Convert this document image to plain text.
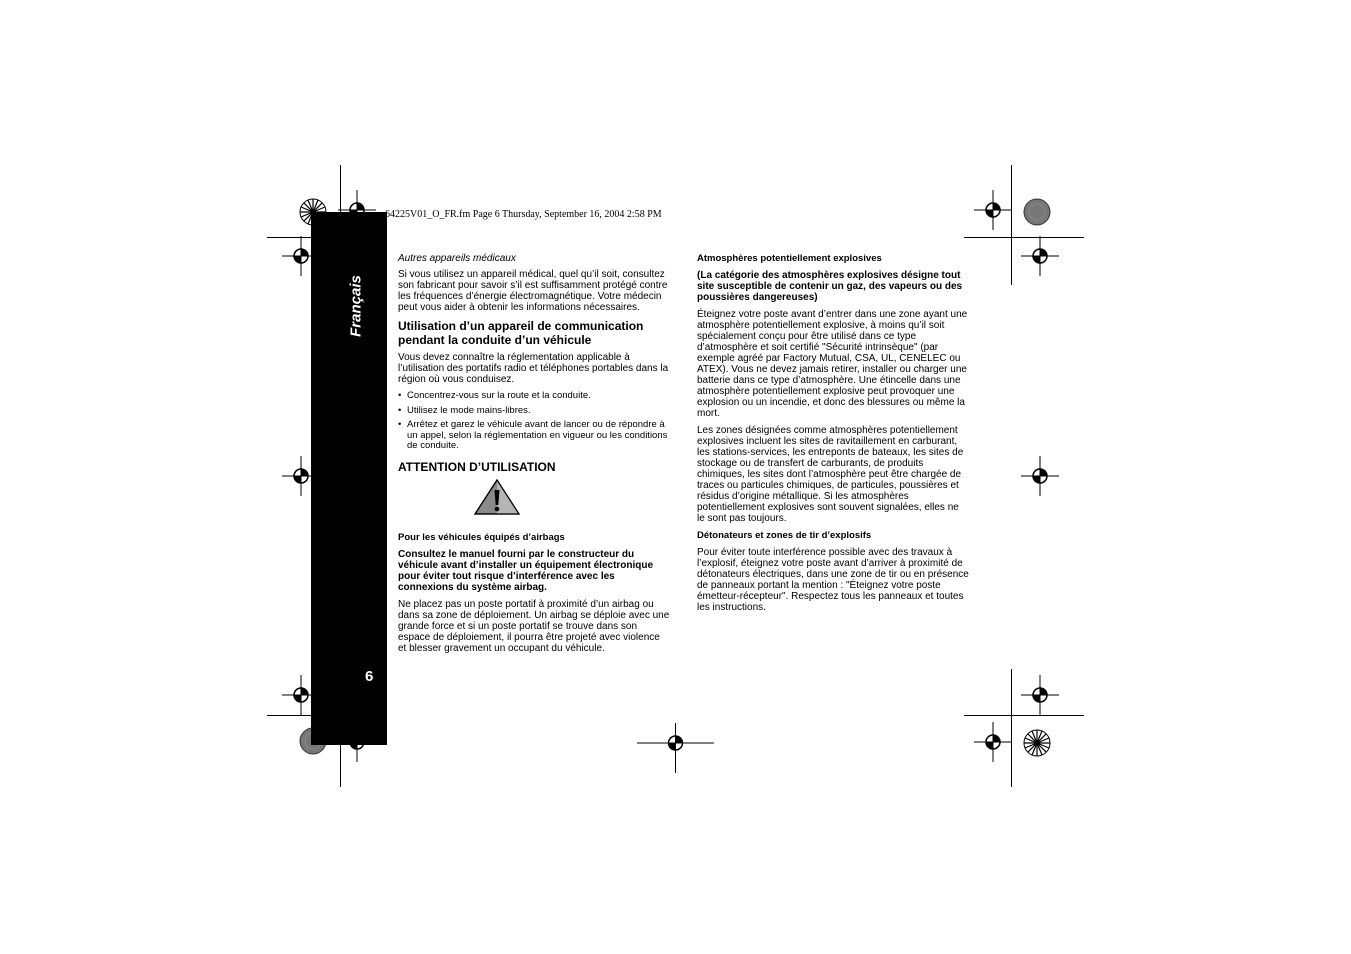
Français
6
64225V01_O_FR.fm Page 6 Thursday, September 16, 2004 2:58 PM

Autres appareils médicaux

Si vous utilisez un appareil médical, quel qu’il soit, consultez son fabricant pour savoir s’il est suffisamment protégé contre les fréquences d’énergie électromagnétique. Votre médecin peut vous aider à obtenir les informations nécessaires.

Utilisation d’un appareil de communication pendant la conduite d’un véhicule

Vous devez connaître la réglementation applicable à l’utilisation des portatifs radio et téléphones portables dans la région où vous conduisez.

• Concentrez-vous sur la route et la conduite.
• Utilisez le mode mains-libres.
• Arrêtez et garez le véhicule avant de lancer ou de répondre à un appel, selon la réglementation en vigueur ou les conditions de conduite.

ATTENTION D’UTILISATION

Pour les véhicules équipés d’airbags

Consultez le manuel fourni par le constructeur du véhicule avant d’installer un équipement électronique pour éviter tout risque d’interférence avec les connexions du système airbag.

Ne placez pas un poste portatif à proximité d’un airbag ou dans sa zone de déploiement. Un airbag se déploie avec une grande force et si un poste portatif se trouve dans son espace de déploiement, il pourra être projeté avec violence et blesser gravement un occupant du véhicule.

Atmosphères potentiellement explosives

(La catégorie des atmosphères explosives désigne tout site susceptible de contenir un gaz, des vapeurs ou des poussières dangereuses)

Éteignez votre poste avant d’entrer dans une zone ayant une atmosphère potentiellement explosive, à moins qu’il soit spécialement conçu pour être utilisé dans ce type d’atmosphère et soit certifié "Sécurité intrinsèque" (par exemple agréé par Factory Mutual, CSA, UL, CENELEC ou ATEX). Vous ne devez jamais retirer, installer ou charger une batterie dans ce type d’atmosphère. Une étincelle dans une atmosphère potentiellement explosive peut provoquer une explosion ou un incendie, et donc des blessures ou même la mort.

Les zones désignées comme atmosphères potentiellement explosives incluent les sites de ravitaillement en carburant, les stations-services, les entreponts de bateaux, les sites de stockage ou de transfert de carburants, de produits chimiques, les sites dont l’atmosphère peut être chargée de traces ou particules chimiques, de particules, poussières et résidus d’origine métallique. Si les atmosphères potentiellement explosives sont souvent signalées, elles ne le sont pas toujours.

Détonateurs et zones de tir d’explosifs

Pour éviter toute interférence possible avec des travaux à l’explosif, éteignez votre poste avant d’arriver à proximité de détonateurs électriques, dans une zone de tir ou en présence de panneaux portant la mention : "Éteignez votre poste émetteur-récepteur". Respectez tous les panneaux et toutes les instructions.
